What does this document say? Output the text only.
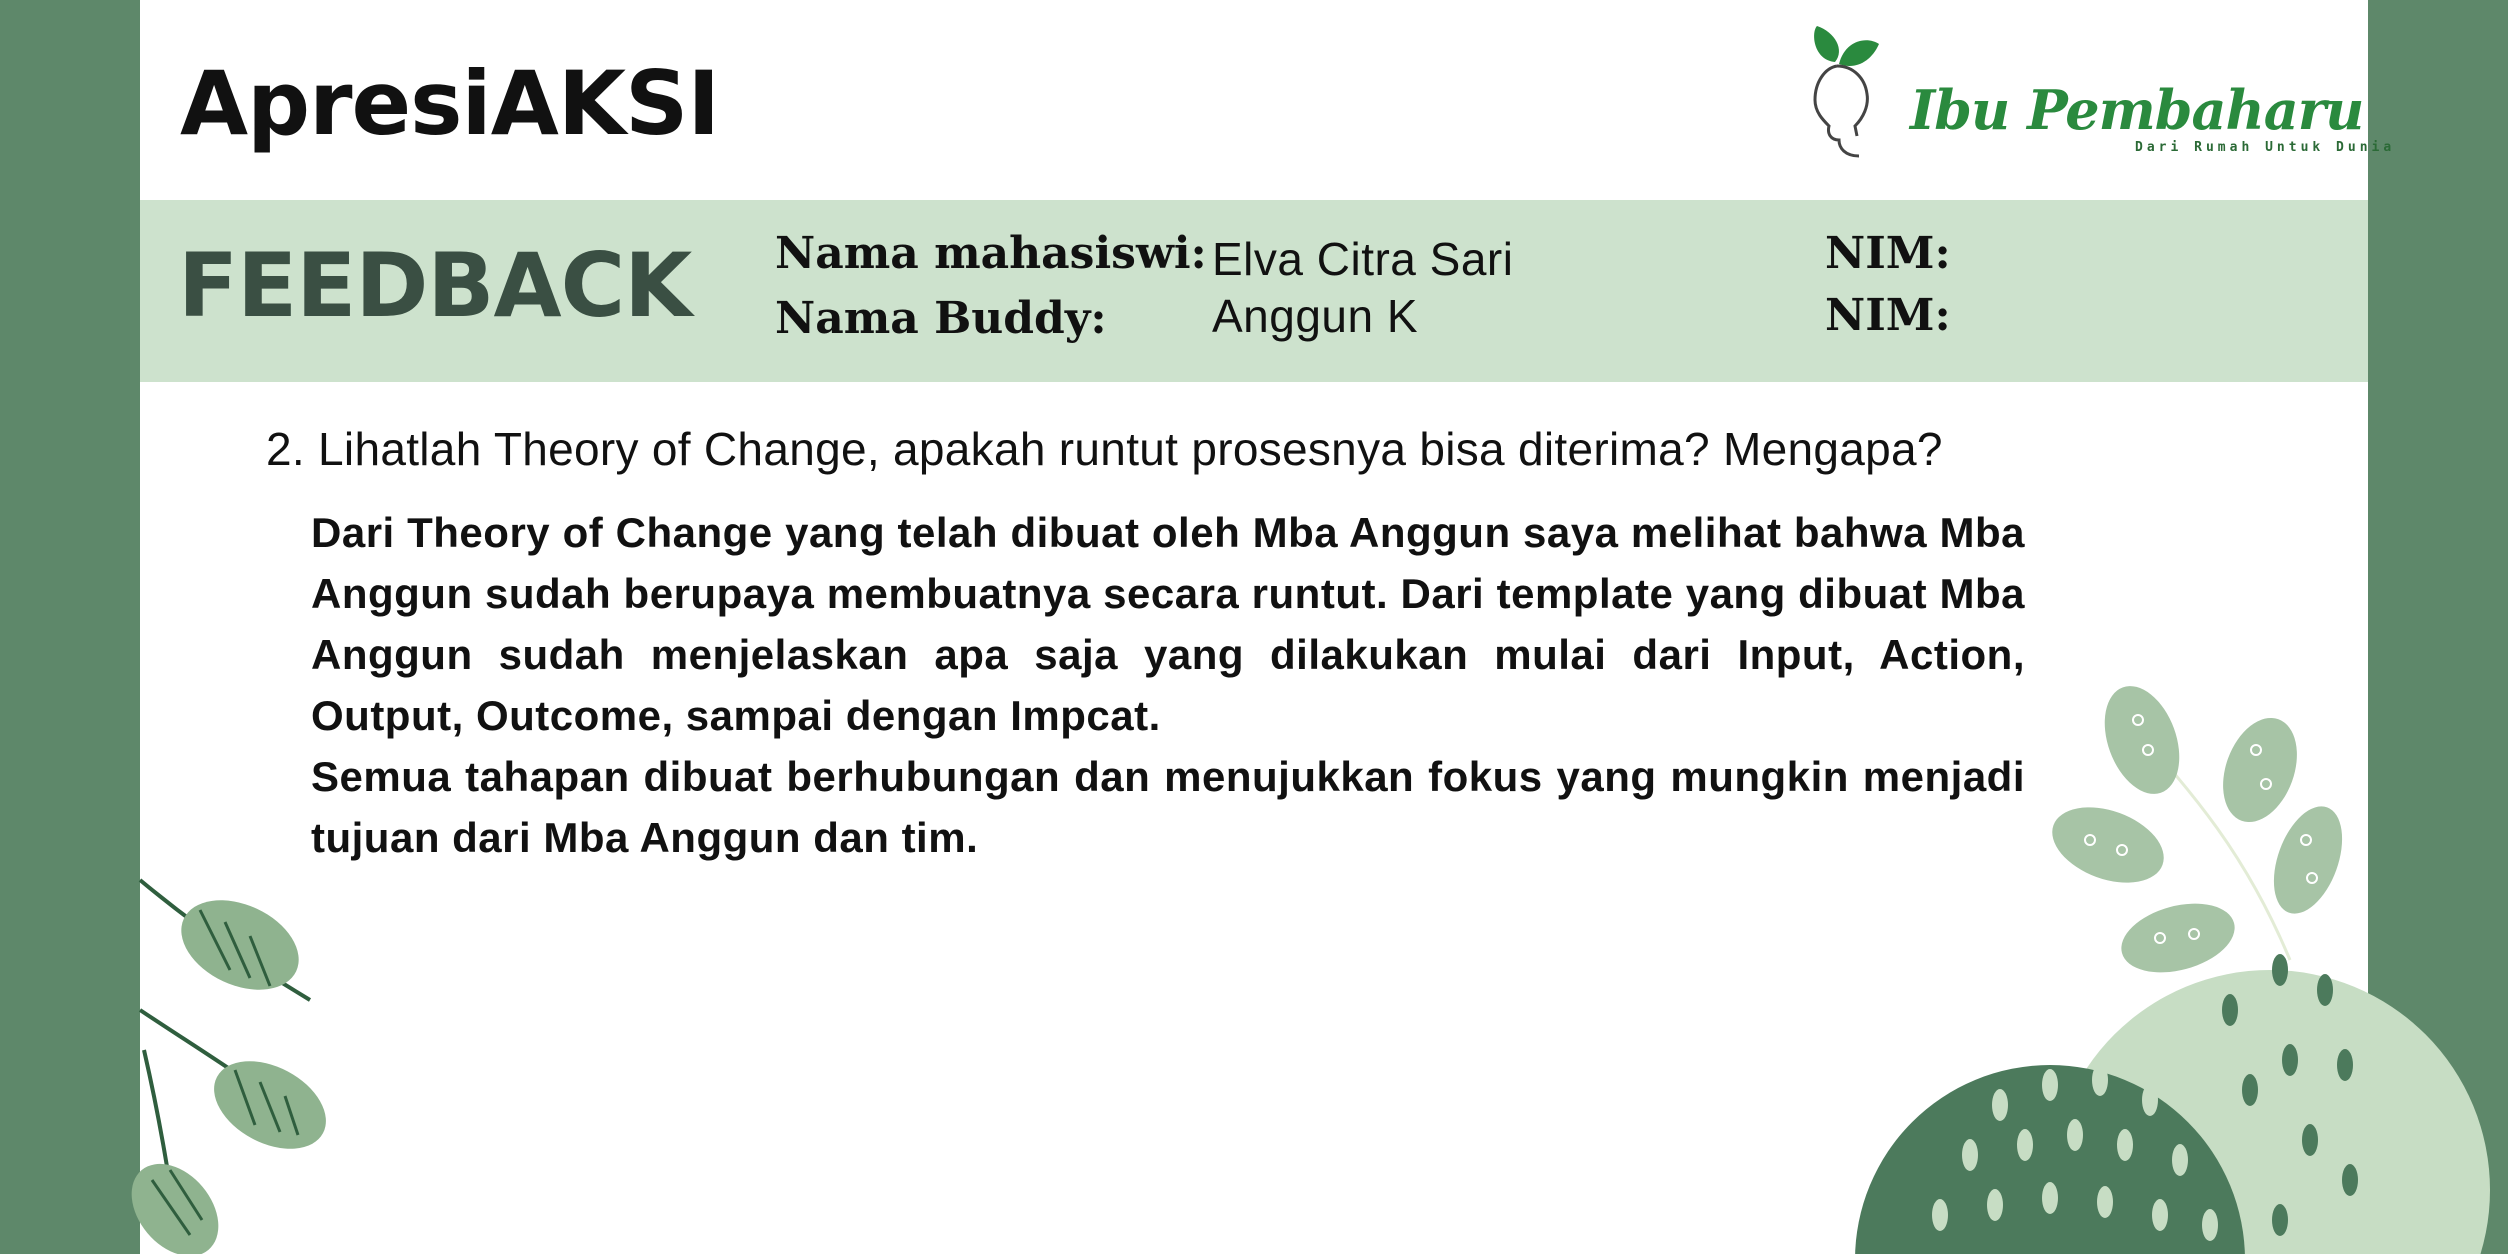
ApresiAKSI	Ibu Pembaharu
Dari Rumah Untuk Dunia
FEEDBACK Nama mahasiswi: Elva Citra Sari	NIM:
Nama Buddy: Anggun K	NIM:
2. Lihatlah Theory of Change, apakah runtut prosesnya bisa diterima? Mengapa?

Dari Theory of Change yang telah dibuat oleh Mba Anggun saya melihat bahwa Mba Anggun sudah berupaya membuatnya secara runtut. Dari template yang dibuat Mba Anggun sudah menjelaskan apa saja yang dilakukan mulai dari Input, Action, Output, Outcome, sampai dengan Impcat.

Semua tahapan dibuat berhubungan dan menujukkan fokus yang mungkin menjadi tujuan dari Mba Anggun dan tim.
